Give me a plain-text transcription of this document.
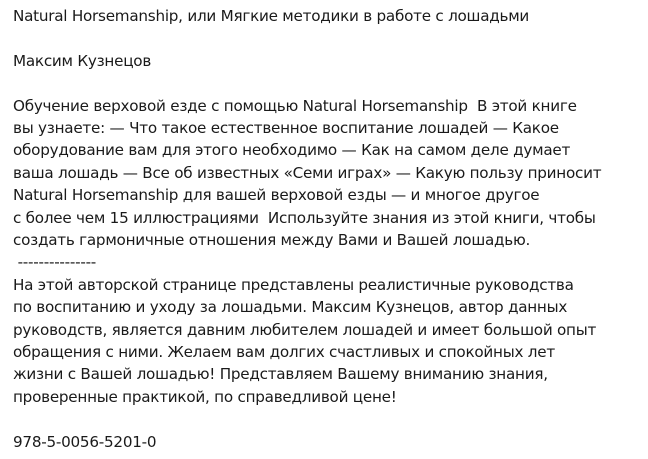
Natural Horsemanship, или Мягкие методики в работе с лошадьми
Максим Кузнецов
Обучение верховой езде с помощью Natural Horsemanship  В этой книге
вы узнаете: — Что такое естественное воспитание лошадей — Какое
оборудование вам для этого необходимо — Как на самом деле думает
ваша лошадь — Все об известных «Семи играх» — Какую пользу приносит
Natural Horsemanship для вашей верховой езды — и многое другое
с более чем 15 иллюстрациями  Используйте знания из этой книги, чтобы
создать гармоничные отношения между Вами и Вашей лошадью.
---------------
На этой авторской странице представлены реалистичные руководства
по воспитанию и уходу за лошадьми. Максим Кузнецов, автор данных
руководств, является давним любителем лошадей и имеет большой опыт
обращения с ними. Желаем вам долгих счастливых и спокойных лет
жизни с Вашей лошадью! Представляем Вашему вниманию знания,
проверенные практикой, по справедливой цене!
978-5-0056-5201-0
